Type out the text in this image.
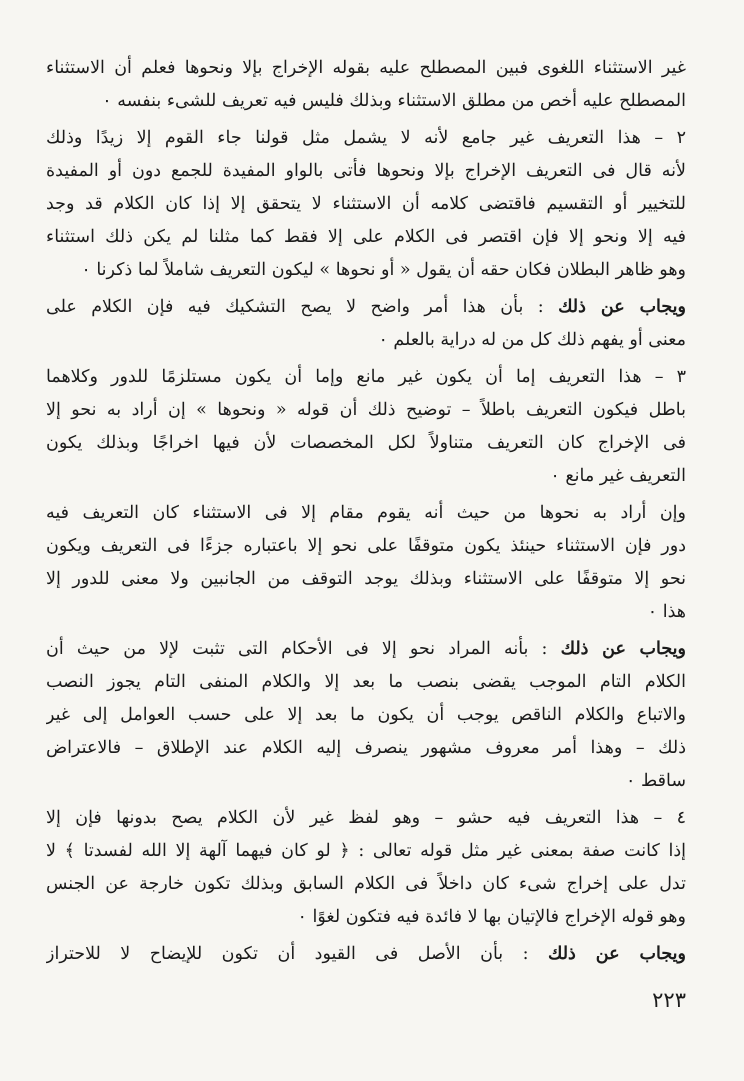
غير الاستثناء اللغوى فبين المصطلح عليه بقوله الإخراج بإلا ونحوها فعلم أن الاستثناء
المصطلح عليه أخص من مطلق الاستثناء وبذلك فليس فيه تعريف للشىء بنفسه ٠
٢ – هذا التعريف غير جامع لأنه لا يشمل مثل قولنا جاء القوم إلا زيدًا وذلك
لأنه قال فى التعريف الإخراج بإلا ونحوها فأتى بالواو المفيدة للجمع دون أو المفيدة
للتخيير أو التقسيم فاقتضى كلامه أن الاستثناء لا يتحقق إلا إذا كان الكلام قد وجد
فيه إلا ونحو إلا فإن اقتصر فى الكلام على إلا فقط كما مثلنا لم يكن ذلك استثناء
وهو ظاهر البطلان فكان حقه أن يقول « أو نحوها » ليكون التعريف شاملاً لما ذكرنا ٠
ويجاب عن ذلك : بأن هذا أمر واضح لا يصح التشكيك فيه فإن الكلام على
معنى أو يفهم ذلك كل من له دراية بالعلم ٠
٣ – هذا التعريف إما أن يكون غير مانع وإما أن يكون مستلزمًا للدور وكلاهما
باطل فيكون التعريف باطلاً – توضيح ذلك أن قوله « ونحوها » إن أراد به نحو إلا
فى الإخراج كان التعريف متناولاً لكل المخصصات لأن فيها اخراجًا وبذلك يكون
التعريف غير مانع ٠
وإن أراد به نحوها من حيث أنه يقوم مقام إلا فى الاستثناء كان التعريف فيه
دور فإن الاستثناء حينئذ يكون متوقفًا على نحو إلا باعتباره جزءًا فى التعريف ويكون
نحو إلا متوقفًا على الاستثناء وبذلك يوجد التوقف من الجانبين ولا معنى للدور إلا
هذا ٠
ويجاب عن ذلك : بأنه المراد نحو إلا فى الأحكام التى تثبت لإلا من حيث أن
الكلام التام الموجب يقضى بنصب ما بعد إلا والكلام المنفى التام يجوز النصب
والاتباع والكلام الناقص يوجب أن يكون ما بعد إلا على حسب العوامل إلى غير
ذلك – وهذا أمر معروف مشهور ينصرف إليه الكلام عند الإطلاق – فالاعتراض
ساقط ٠
٤ – هذا التعريف فيه حشو – وهو لفظ غير لأن الكلام يصح بدونها فإن إلا
إذا كانت صفة بمعنى غير مثل قوله تعالى : ﴿ لو كان فيهما آلهة إلا الله لفسدتا ﴾ لا
تدل على إخراج شىء كان داخلاً فى الكلام السابق وبذلك تكون خارجة عن الجنس
وهو قوله الإخراج فالإتيان بها لا فائدة فيه فتكون لغوًا ٠
ويجاب عن ذلك : بأن الأصل فى القيود أن تكون للإيضاح لا للاحتراز
٢٢٣
